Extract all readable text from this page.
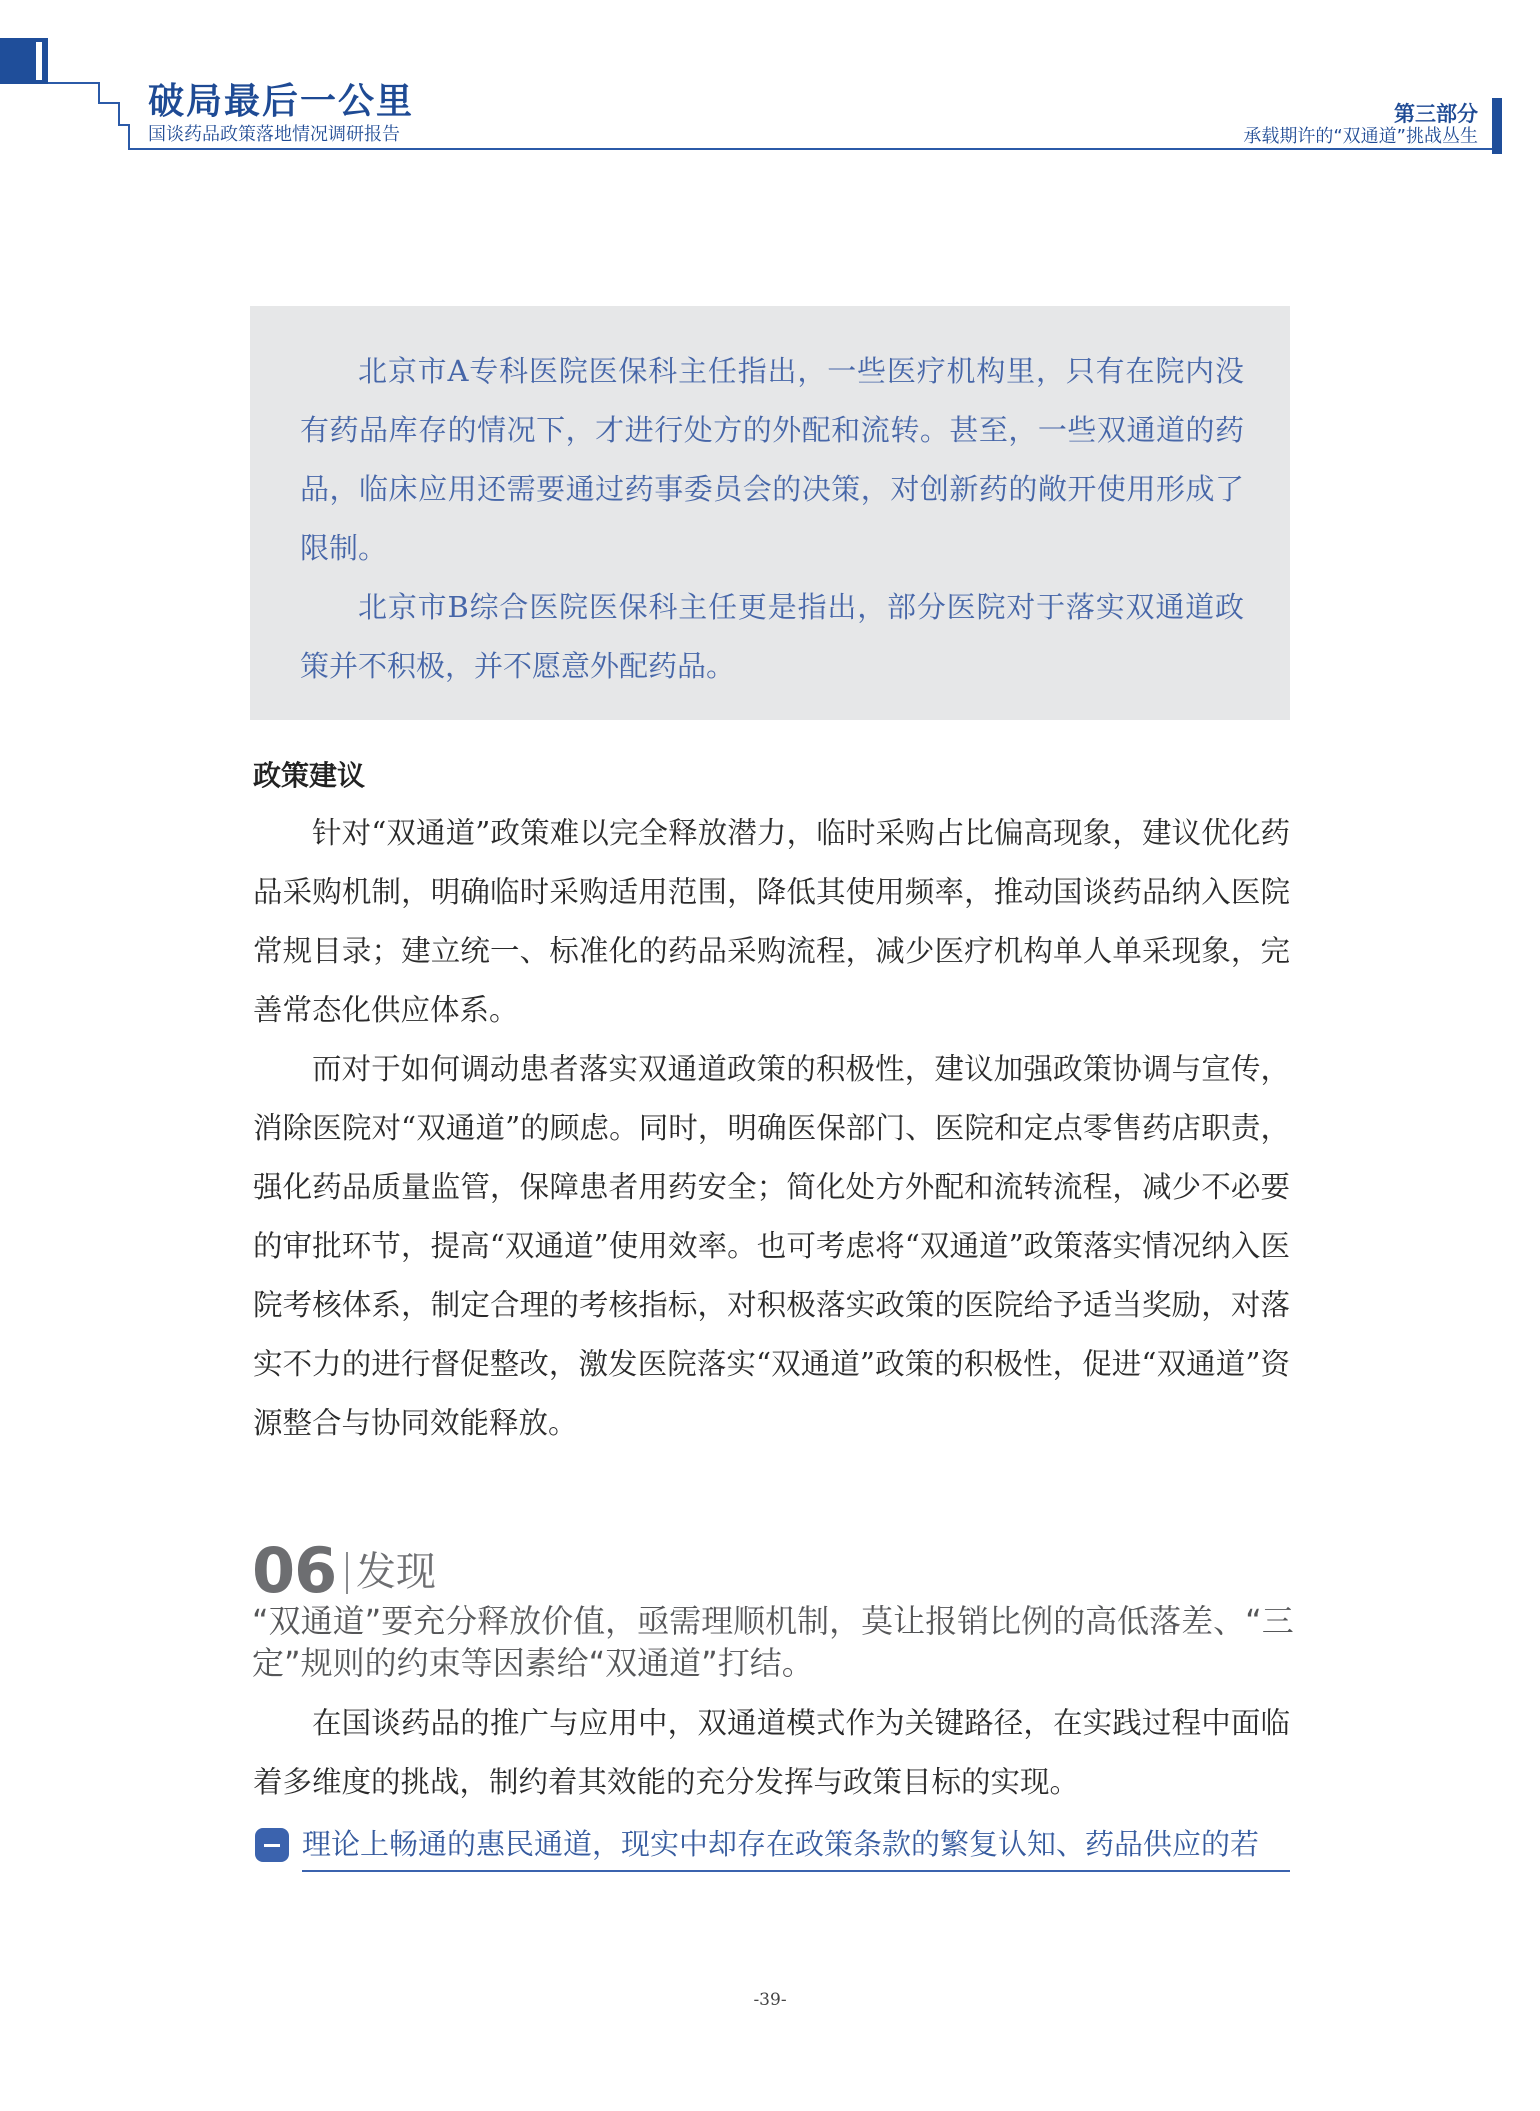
破局最后一公里
国谈药品政策落地情况调研报告
第三部分
承载期许的“双通道”挑战丛生

北京市A专科医院医保科主任指出，一些医疗机构里，只有在院内没有药品库存的情况下，才进行处方的外配和流转。甚至，一些双通道的药品，临床应用还需要通过药事委员会的决策，对创新药的敞开使用形成了限制。

北京市B综合医院医保科主任更是指出，部分医院对于落实双通道政策并不积极，并不愿意外配药品。

政策建议

针对“双通道”政策难以完全释放潜力，临时采购占比偏高现象，建议优化药品采购机制，明确临时采购适用范围，降低其使用频率，推动国谈药品纳入医院常规目录；建立统一、标准化的药品采购流程，减少医疗机构单人单采现象，完善常态化供应体系。

而对于如何调动患者落实双通道政策的积极性，建议加强政策协调与宣传，消除医院对“双通道”的顾虑。同时，明确医保部门、医院和定点零售药店职责，强化药品质量监管，保障患者用药安全；简化处方外配和流转流程，减少不必要的审批环节，提高“双通道”使用效率。也可考虑将“双通道”政策落实情况纳入医院考核体系，制定合理的考核指标，对积极落实政策的医院给予适当奖励，对落实不力的进行督促整改，激发医院落实“双通道”政策的积极性，促进“双通道”资源整合与协同效能释放。

06 发现
“双通道”要充分释放价值，亟需理顺机制，莫让报销比例的高低落差、“三定”规则的约束等因素给“双通道”打结。

在国谈药品的推广与应用中，双通道模式作为关键路径，在实践过程中面临着多维度的挑战，制约着其效能的充分发挥与政策目标的实现。

理论上畅通的惠民通道，现实中却存在政策条款的繁复认知、药品供应的若
-39-
